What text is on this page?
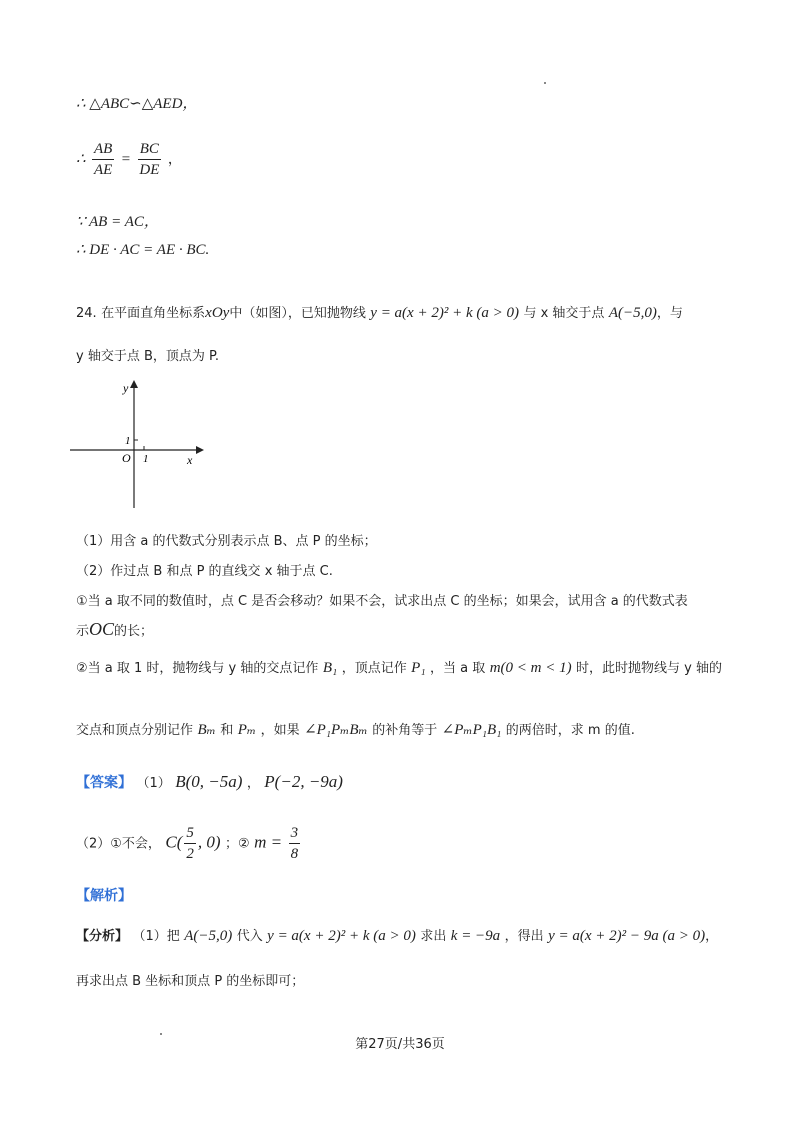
∴ △ABC∽△AED，
∴ $\frac{AB}{AE} = \frac{BC}{DE}$ ，
∵ AB = AC，
∴ DE · AC = AE · BC.
24. 在平面直角坐标系xOy中（如图），已知抛物线 y = a(x + 2)² + k (a > 0) 与 x 轴交于点 A(−5,0)，与
y 轴交于点 B，顶点为 P.
y
x
O 1
1
（1）用含 a 的代数式分别表示点 B、点 P 的坐标；
（2）作过点 B 和点 P 的直线交 x 轴于点 C.
①当 a 取不同的数值时，点 C 是否会移动？如果不会，试求出点 C 的坐标；如果会，试用含 a 的代数式表
示OC的长；
②当 a 取 1 时，抛物线与 y 轴的交点记作 B₁ ，顶点记作 P₁ ，当 a 取 m(0 < m < 1) 时，此时抛物线与 y 轴的
交点和顶点分别记作 Bₘ 和 Pₘ ，如果 ∠P₁PₘBₘ 的补角等于 ∠PₘP₁B₁ 的两倍时，求 m 的值.
【答案】 （1） B(0, −5a) ， P(−2, −9a)
（2）①不会， $C( \frac{5}{2}$ , 0) ；② $m = \frac{3}{8}$
【解析】
【分析】 （1）把 A(−5,0) 代入 y = a(x + 2)² + k (a > 0) 求出 k = −9a ，得出 y = a(x + 2)² − 9a (a > 0)，
再求出点 B 坐标和顶点 P 的坐标即可；
第27页/共36页
